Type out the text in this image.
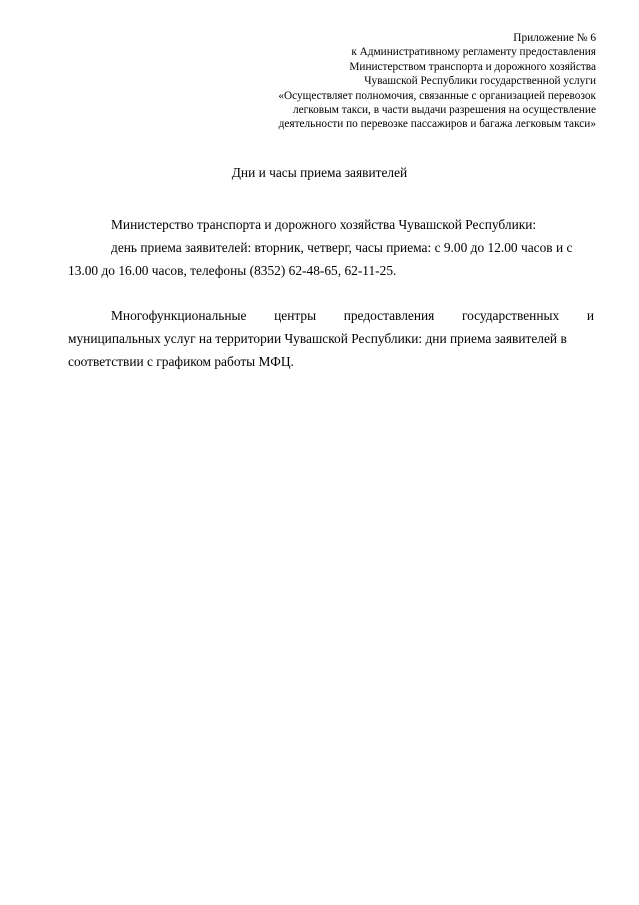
Приложение № 6
к Административному регламенту предоставления
Министерством транспорта и дорожного хозяйства
Чувашской Республики государственной услуги
«Осуществляет полномочия, связанные с организацией перевозок
легковым такси, в части выдачи разрешения на осуществление
деятельности по перевозке пассажиров и багажа легковым такси»
Дни и часы приема заявителей
Министерство транспорта и дорожного хозяйства Чувашской Республики:
день приема заявителей: вторник, четверг, часы приема: с 9.00 до 12.00 часов и с
13.00 до 16.00 часов, телефоны (8352) 62-48-65, 62-11-25.
Многофункциональные центры предоставления государственных и
муниципальных услуг на территории Чувашской Республики: дни приема заявителей в
соответствии с графиком работы МФЦ.
